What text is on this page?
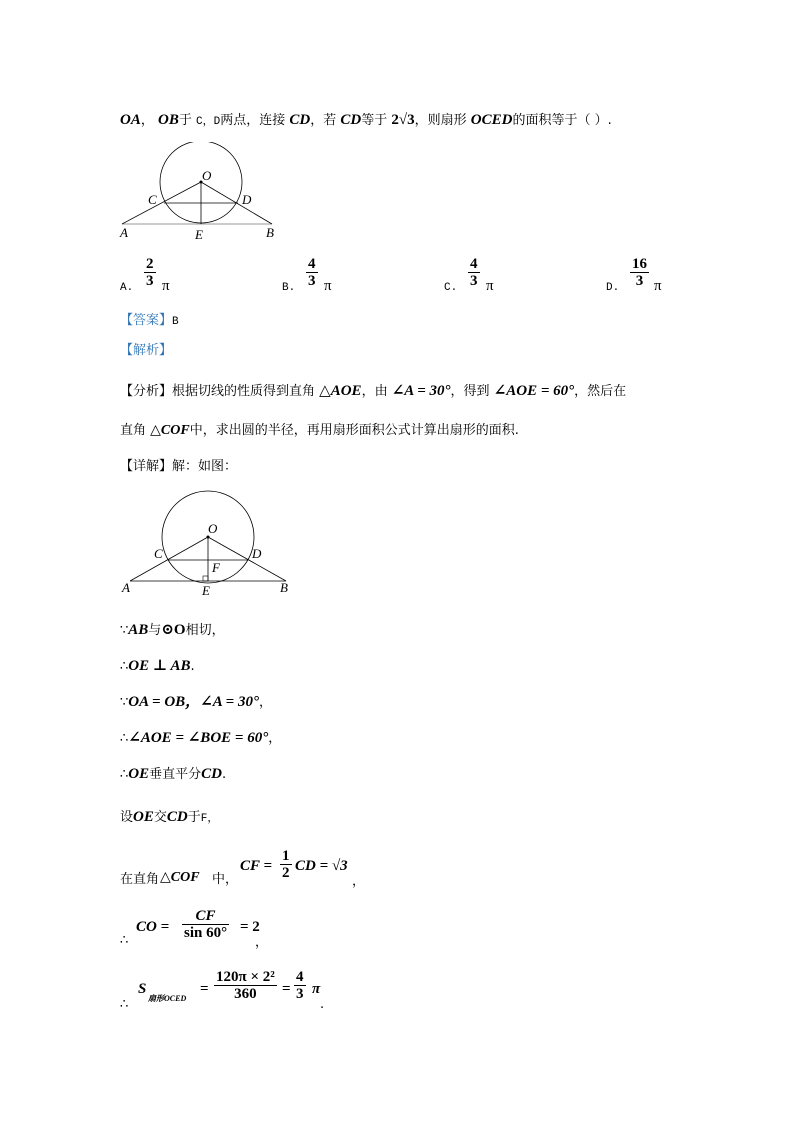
OA， OB于 C，D两点，连接 CD，若 CD等于 2√3，则扇形 OCED的面积等于（ ）.
O
C	D
A	E	B
A. $\frac{2}{3}$ π	B. $\frac{4}{3}$ π	C. $\frac{4}{3}$ π	D. $\frac{16}{3}$ π
【答案】B
【解析】
【分析】根据切线的性质得到直角 △AOE，由 ∠A = 30°，得到 ∠AOE = 60°，然后在
直角 △COF中，求出圆的半径，再用扇形面积公式计算出扇形的面积.
【详解】解：如图：
O
C	D
F
A	E	B
∵AB与⊙O相切，
∴OE ⊥ AB.
∵OA = OB，∠A = 30°，
∴∠AOE = ∠BOE = 60°，
∴OE垂直平分CD.
设OE交CD于F，
在直角 △COF 中，
CF = $\frac{1}{2}$ CD = √3
，
∴
CO = $\frac{CF}{\sin 60^\circ} = 2$
，
∴
S
扇形OCED
= $\frac{\text{120π × 2²}}{360} = \frac{4}{3}$ π
.
